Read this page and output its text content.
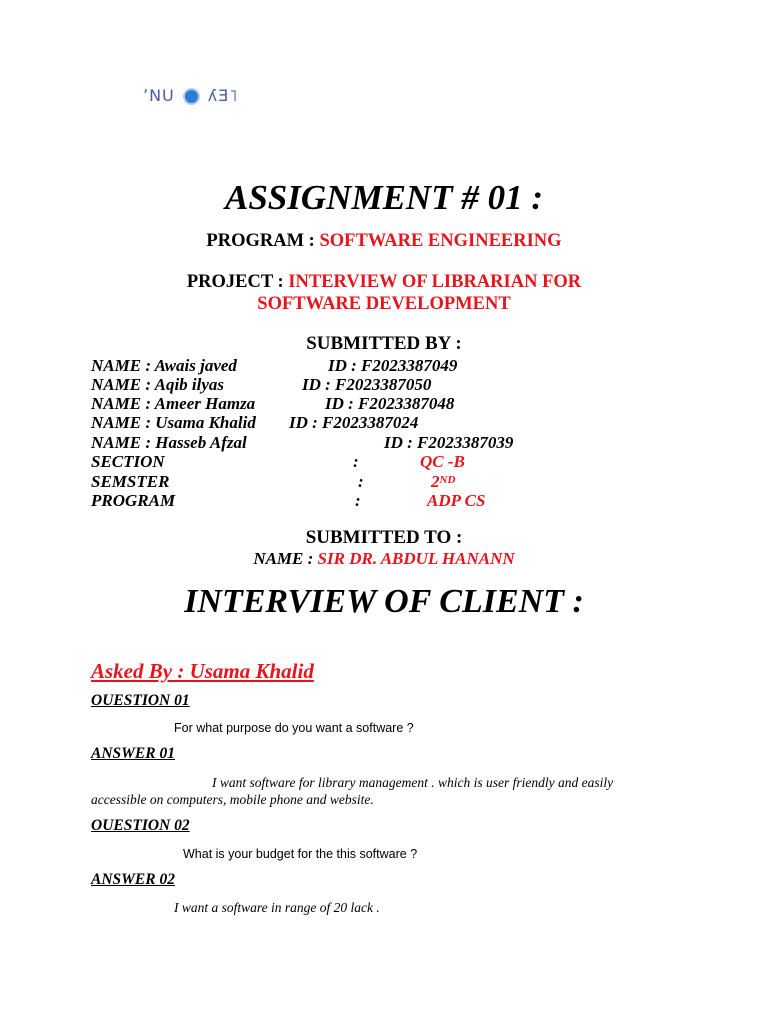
ʼNU ʎƎ˥
ASSIGNMENT # 01 :
PROGRAM : SOFTWARE ENGINEERING
PROJECT : INTERVIEW OF LIBRARIAN FOR
SOFTWARE DEVELOPMENT
SUBMITTED BY :
NAME : Awais javed	ID : F2023387049
NAME : Aqib ilyas	ID : F2023387050
NAME : Ameer Hamza	ID : F2023387048
NAME : Usama Khalid ID : F2023387024
NAME : Hasseb Afzal	ID : F2023387039
SECTION	:	QC -B
SEMSTER	:	2ND
PROGRAM	:	ADP CS
SUBMITTED TO :
NAME : SIR DR. ABDUL HANANN
INTERVIEW OF CLIENT :
Asked By : Usama Khalid
OUESTION 01
For what purpose do you want a software ?
ANSWER 01
I want software for library management . which is user friendly and easily
accessible on computers, mobile phone and website.
OUESTION 02
What is your budget for the this software ?
ANSWER 02
I want a software in range of 20 lack .
